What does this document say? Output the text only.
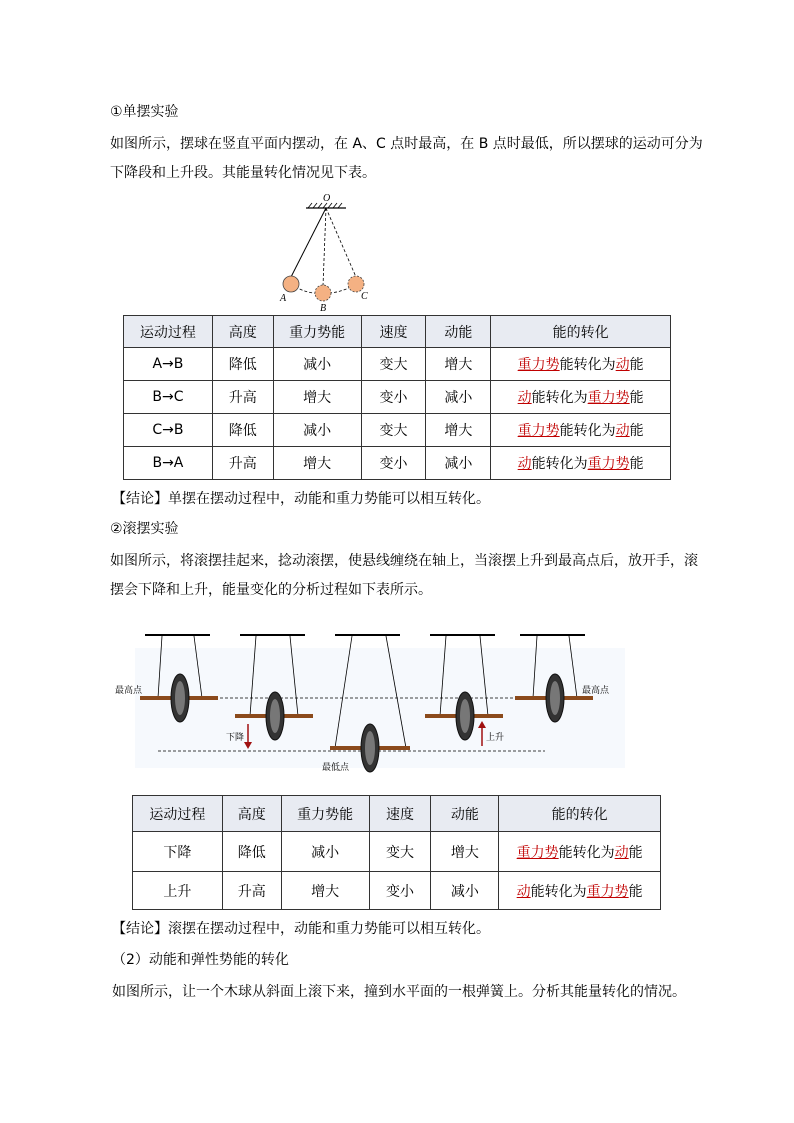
①单摆实验
如图所示，摆球在竖直平面内摆动，在 A、C 点时最高，在 B 点时最低，所以摆球的运动可分为下降段和上升段。其能量转化情况见下表。
O
A
B
C
运动过程	高度	重力势能	速度	动能	能的转化
A→B	降低	减小	变大	增大	重力势能转化为动能
B→C	升高	增大	变小	减小	动能转化为重力势能
C→B	降低	减小	变大	增大	重力势能转化为动能
B→A	升高	增大	变小	减小	动能转化为重力势能
【结论】单摆在摆动过程中，动能和重力势能可以相互转化。
②滚摆实验
如图所示，将滚摆挂起来，捻动滚摆，使悬线缠绕在轴上，当滚摆上升到最高点后，放开手，滚摆会下降和上升，能量变化的分析过程如下表所示。
最高点	最高点
下降	上升
最低点
运动过程	高度	重力势能	速度	动能	能的转化
下降	降低	减小	变大	增大	重力势能转化为动能
上升	升高	增大	变小	减小	动能转化为重力势能
【结论】滚摆在摆动过程中，动能和重力势能可以相互转化。
（2）动能和弹性势能的转化
如图所示，让一个木球从斜面上滚下来，撞到水平面的一根弹簧上。分析其能量转化的情况。
